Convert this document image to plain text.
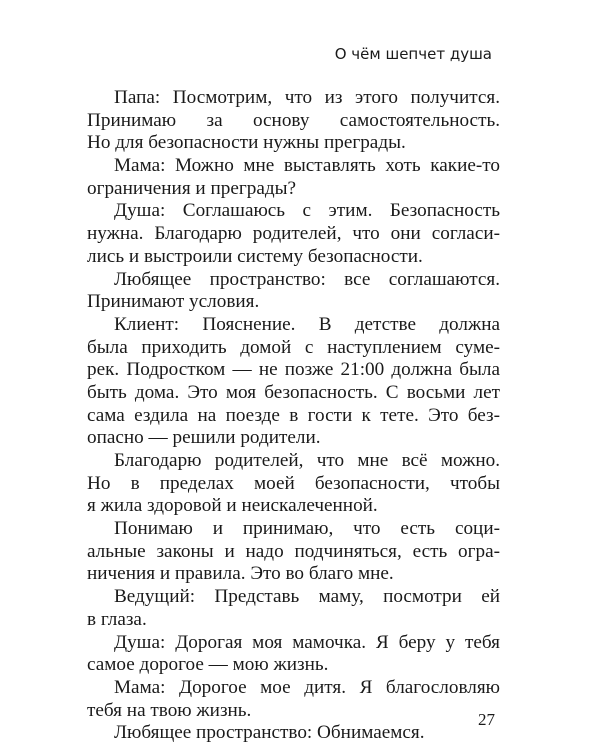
О чём шепчет душа
Папа: Посмотрим, что из этого получится.
Принимаю за основу самостоятельность.
Но для безопасности нужны преграды.
Мама: Можно мне выставлять хоть какие-то
ограничения и преграды?
Душа: Соглашаюсь с этим. Безопасность
нужна. Благодарю родителей, что они согласи-
лись и выстроили систему безопасности.
Любящее пространство: все соглашаются.
Принимают условия.
Клиент: Пояснение. В детстве должна
была приходить домой с наступлением суме-
рек. Подростком — не позже 21:00 должна была
быть дома. Это моя безопасность. С восьми лет
сама ездила на поезде в гости к тете. Это без-
опасно — решили родители.
Благодарю родителей, что мне всё можно.
Но в пределах моей безопасности, чтобы
я жила здоровой и неискалеченной.
Понимаю и принимаю, что есть соци-
альные законы и надо подчиняться, есть огра-
ничения и правила. Это во благо мне.
Ведущий: Представь маму, посмотри ей
в глаза.
Душа: Дорогая моя мамочка. Я беру у тебя
самое дорогое — мою жизнь.
Мама: Дорогое мое дитя. Я благословляю
тебя на твою жизнь.
Любящее пространство: Обнимаемся.
27
